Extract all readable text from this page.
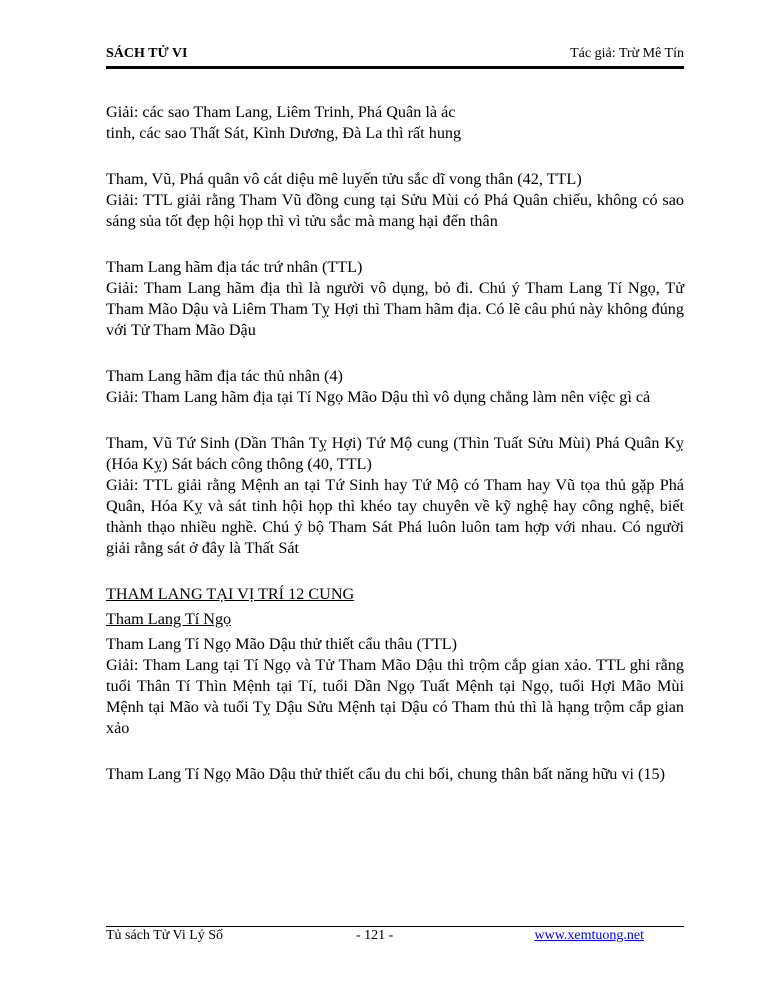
SÁCH TỬ VI	Tác giả: Trừ Mê Tín
Giải: các sao Tham Lang, Liêm Trinh, Phá Quân là ác
tinh, các sao Thất Sát, Kình Dương, Đà La thì rất hung
Tham, Vũ, Phá quân vô cát diệu mê luyến tửu sắc dĩ vong thân (42, TTL)
Giải: TTL giải rằng Tham Vũ đồng cung tại Sửu Mùi có Phá Quân chiếu, không có sao sáng sủa tốt đẹp hội họp thì vì tửu sắc mà mang hại đến thân
Tham Lang hãm địa tác trứ nhân (TTL)
Giải: Tham Lang hãm địa thì là người vô dụng, bỏ đi. Chú ý Tham Lang Tí Ngọ, Tử Tham Mão Dậu và Liêm Tham Tỵ Hợi thì Tham hãm địa. Có lẽ câu phú này không đúng với Tử Tham Mão Dậu
Tham Lang hãm địa tác thủ nhân (4)
Giải: Tham Lang hãm địa tại Tí Ngọ Mão Dậu thì vô dụng chẳng làm nên việc gì cả
Tham, Vũ Tứ Sinh (Dần Thân Tỵ Hợi) Tứ Mộ cung (Thìn Tuất Sửu Mùi) Phá Quân Kỵ (Hóa Kỵ) Sát bách công thông (40, TTL)
Giải: TTL giải rằng Mệnh an tại Tứ Sinh hay Tứ Mộ có Tham hay Vũ tọa thủ gặp Phá Quân, Hóa Kỵ và sát tinh hội họp thì khéo tay chuyên về kỹ nghệ hay công nghệ, biết thành thạo nhiều nghề. Chú ý bộ Tham Sát Phá luôn luôn tam hợp với nhau. Có người giải rằng sát ở đây là Thất Sát
THAM LANG TẠI VỊ TRÍ 12 CUNG
Tham Lang Tí Ngọ
Tham Lang Tí Ngọ Mão Dậu thử thiết cẩu thâu (TTL)
Giải: Tham Lang tại Tí Ngọ và Tử Tham Mão Dậu thì trộm cắp gian xảo. TTL ghi rằng tuổi Thân Tí Thìn Mệnh tại Tí, tuổi Dần Ngọ Tuất Mệnh tại Ngọ, tuổi Hợi Mão Mùi Mệnh tại Mão và tuổi Tỵ Dậu Sửu Mệnh tại Dậu có Tham thủ thì là hạng trộm cắp gian xảo
Tham Lang Tí Ngọ Mão Dậu thử thiết cẩu du chi bối, chung thân bất năng hữu vi (15)
Tủ sách Tử Vi Lý Số	- 121 -	www.xemtuong.net
